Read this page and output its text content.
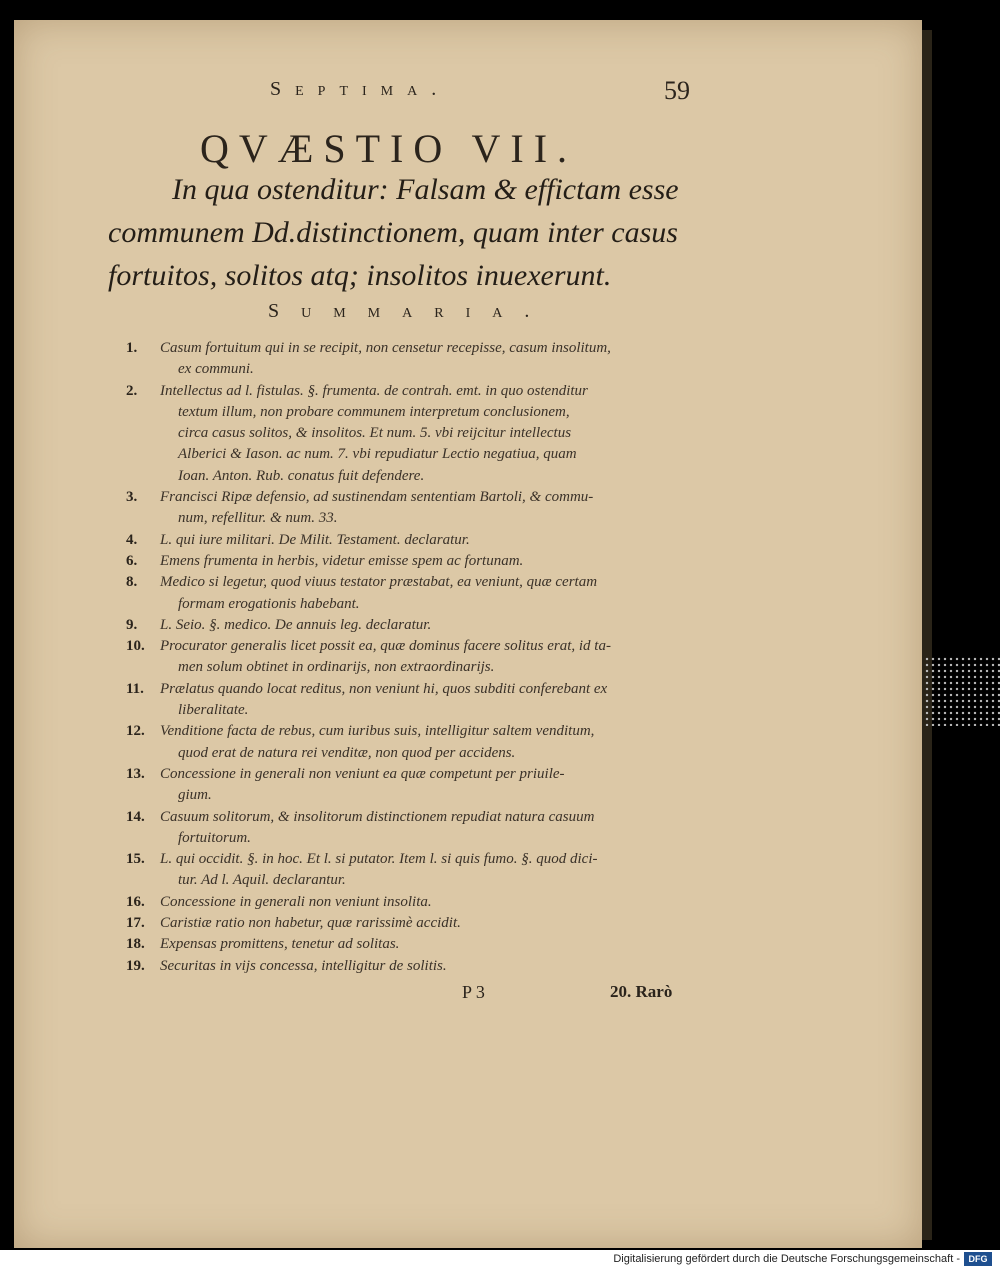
Septima.	59
QVÆSTIO VII.
In qua ostenditur: Falsam & effictam esse
communem Dd.distinctionem, quam inter casus
fortuitos, solitos atq; insolitos inuexerunt.
Summaria.
1. Casum fortuitum qui in se recipit, non censetur recepisse, casum insolitum,
ex communi.
2. Intellectus ad l. fistulas. §. frumenta. de contrah. emt. in quo ostenditur
textum illum, non probare communem interpretum conclusionem,
circa casus solitos, & insolitos. Et num. 5. vbi reijcitur intellectus
Alberici & Iason. ac num. 7. vbi repudiatur Lectio negatiua, quam
Ioan. Anton. Rub. conatus fuit defendere.
3. Francisci Ripæ defensio, ad sustinendam sententiam Bartoli, & commu-
num, refellitur. & num. 33.
4. L. qui iure militari. De Milit. Testament. declaratur.
6. Emens frumenta in herbis, videtur emisse spem ac fortunam.
8. Medico si legetur, quod viuus testator præstabat, ea veniunt, quæ certam
formam erogationis habebant.
9. L. Seio. §. medico. De annuis leg. declaratur.
10. Procurator generalis licet possit ea, quæ dominus facere solitus erat, id ta-
men solum obtinet in ordinarijs, non extraordinarijs.
11. Prælatus quando locat reditus, non veniunt hi, quos subditi conferebant ex
liberalitate.
12. Venditione facta de rebus, cum iuribus suis, intelligitur saltem venditum,
quod erat de natura rei venditæ, non quod per accidens.
13. Concessione in generali non veniunt ea quæ competunt per priuile-
gium.
14. Casuum solitorum, & insolitorum distinctionem repudiat natura casuum
fortuitorum.
15. L. qui occidit. §. in hoc. Et l. si putator. Item l. si quis fumo. §. quod dici-
tur. Ad l. Aquil. declarantur.
16. Concessione in generali non veniunt insolita.
17. Caristiæ ratio non habetur, quæ rarissimè accidit.
18. Expensas promittens, tenetur ad solitas.
19. Securitas in vijs concessa, intelligitur de solitis.
P 3	20. Rarò
Digitalisierung gefördert durch die Deutsche Forschungsgemeinschaft - DFG
